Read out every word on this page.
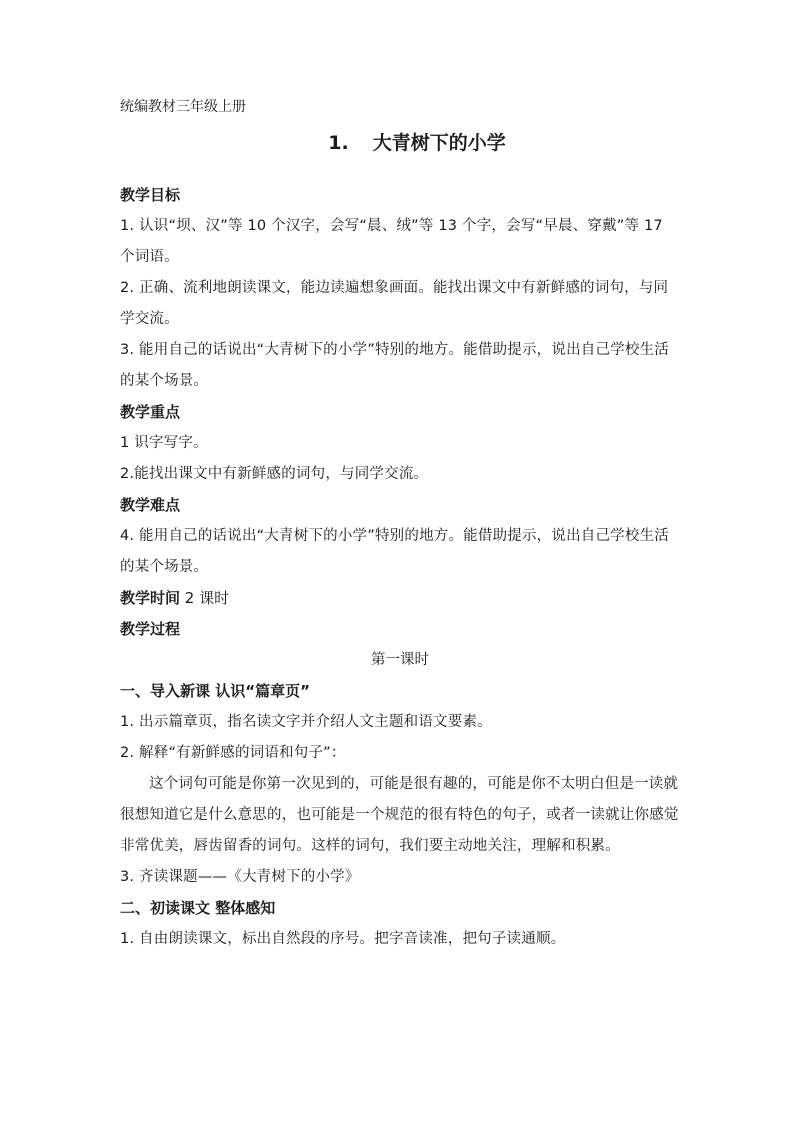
统编教材三年级上册

1. 大青树下的小学

教学目标

1. 认识“坝、汉”等 10 个汉字，会写“晨、绒”等 13 个字，会写“早晨、穿戴”等 17 个词语。

2. 正确、流利地朗读课文，能边读遍想象画面。能找出课文中有新鲜感的词句，与同学交流。

3. 能用自己的话说出“大青树下的小学”特别的地方。能借助提示，说出自己学校生活的某个场景。

教学重点

1 识字写字。

2.能找出课文中有新鲜感的词句，与同学交流。

教学难点

4. 能用自己的话说出“大青树下的小学”特别的地方。能借助提示，说出自己学校生活的某个场景。

教学时间 2 课时

教学过程

第一课时

一、导入新课 认识“篇章页”

1. 出示篇章页，指名读文字并介绍人文主题和语文要素。

2. 解释“有新鲜感的词语和句子”：

这个词句可能是你第一次见到的，可能是很有趣的，可能是你不太明白但是一读就很想知道它是什么意思的，也可能是一个规范的很有特色的句子，或者一读就让你感觉非常优美，唇齿留香的词句。这样的词句，我们要主动地关注，理解和积累。

3. 齐读课题——《大青树下的小学》

二、初读课文 整体感知

1. 自由朗读课文，标出自然段的序号。把字音读准，把句子读通顺。
